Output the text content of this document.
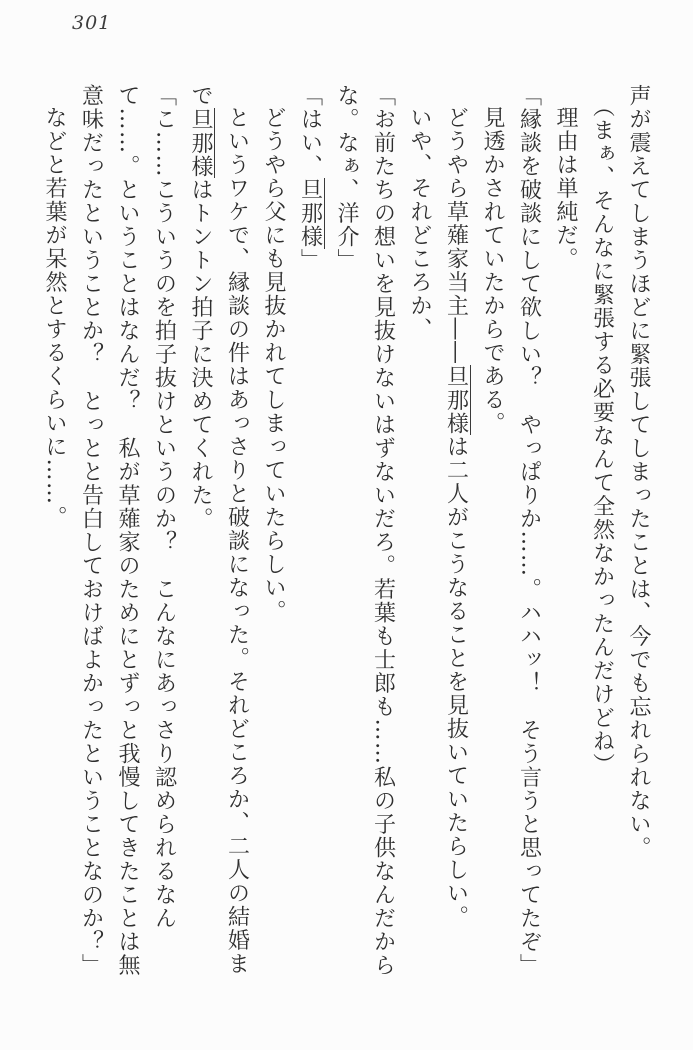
301

声が震えてしまうほどに緊張してしまったことは、今でも忘れられない。

（まぁ、そんなに緊張する必要なんて全然なかったんだけどね）

理由は単純だ。

「縁談を破談にして欲しい？　やっぱりか……。ハハッ！　そう言うと思ってたぞ」

見透かされていたからである。

どうやら草薙家当主――旦那様は二人がこうなることを見抜いていたらしい。

いや、それどころか、

「お前たちの想いを見抜けないはずないだろ。若葉も士郎も……私の子供なんだからな。なぁ、洋介」

「はい、旦那様」

どうやら父にも見抜かれてしまっていたらしい。

というワケで、縁談の件はあっさりと破談になった。それどころか、二人の結婚まで旦那様はトントン拍子に決めてくれた。

「こ……こういうのを拍子抜けというのか？　こんなにあっさり認められるなんて……。ということはなんだ？　私が草薙家のためにとずっと我慢してきたことは無意味だったということか？　とっとと告白しておけばよかったということなのか？」

などと若葉が呆然とするくらいに……。
